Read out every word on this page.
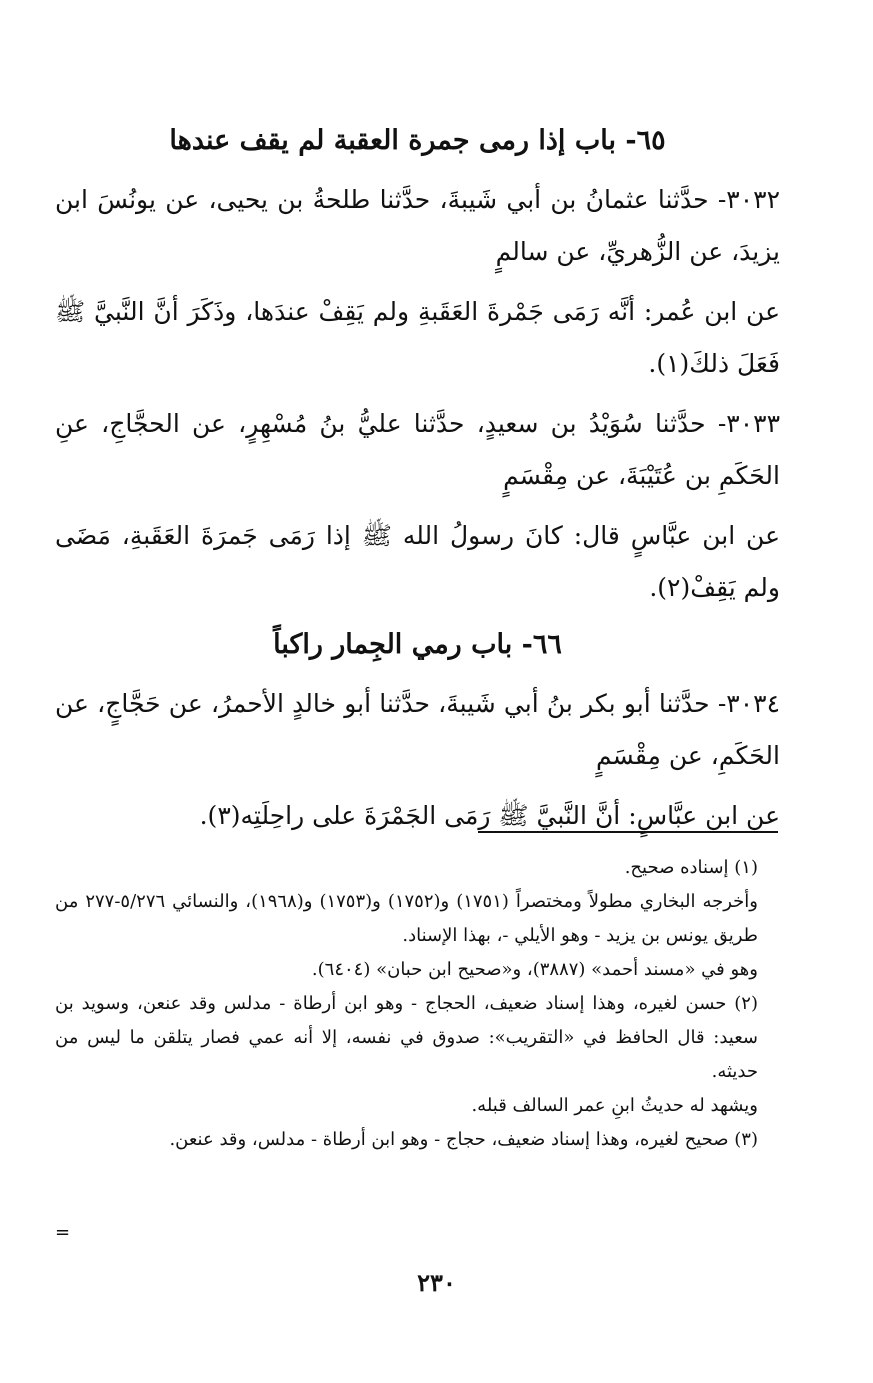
٦٥- باب إذا رمى جمرة العقبة لم يقف عندها

٣٠٣٢- حدَّثنا عثمانُ بن أبي شَيبةَ، حدَّثنا طلحةُ بن يحيى، عن يونُسَ ابن يزيدَ، عن الزُّهريِّ، عن سالمٍ

عن ابن عُمر: أنَّه رَمَى جَمْرةَ العَقَبةِ ولم يَقِفْ عندَها، وذَكَرَ أنَّ النَّبيَّ ﷺ فَعَلَ ذلكَ(١).

٣٠٣٣- حدَّثنا سُوَيْدُ بن سعيدٍ، حدَّثنا عليُّ بنُ مُسْهِرٍ، عن الحجَّاجِ، عنِ الحَكَمِ بن عُتَيْبَةَ، عن مِقْسَمٍ

عن ابن عبَّاسٍ قال: كانَ رسولُ الله ﷺ إذا رَمَى جَمرَةَ العَقَبةِ، مَضَى ولم يَقِفْ(٢).

٦٦- باب رمي الجِمار راكباً

٣٠٣٤- حدَّثنا أبو بكر بنُ أبي شَيبةَ، حدَّثنا أبو خالدٍ الأحمرُ، عن حَجَّاجٍ، عن الحَكَمِ، عن مِقْسَمٍ

عن ابن عبَّاسٍ: أنَّ النَّبيَّ ﷺ رَمَى الجَمْرَةَ على راحِلَتِه(٣).

(١) إسناده صحيح.

وأخرجه البخاري مطولاً ومختصراً (١٧٥١) و(١٧٥٢) و(١٧٥٣) و(١٩٦٨)، والنسائي ٥/٢٧٦-٢٧٧ من طريق يونس بن يزيد - وهو الأيلي -، بهذا الإسناد.

وهو في «مسند أحمد» (٣٨٨٧)، و«صحيح ابن حبان» (٦٤٠٤).

(٢) حسن لغيره، وهذا إسناد ضعيف، الحجاج - وهو ابن أرطاة - مدلس وقد عنعن، وسويد بن سعيد: قال الحافظ في «التقريب»: صدوق في نفسه، إلا أنه عمي فصار يتلقن ما ليس من حديثه.

ويشهد له حديثُ ابنِ عمر السالف قبله.

(٣) صحيح لغيره، وهذا إسناد ضعيف، حجاج - وهو ابن أرطاة - مدلس، وقد عنعن.

=
٢٣٠
